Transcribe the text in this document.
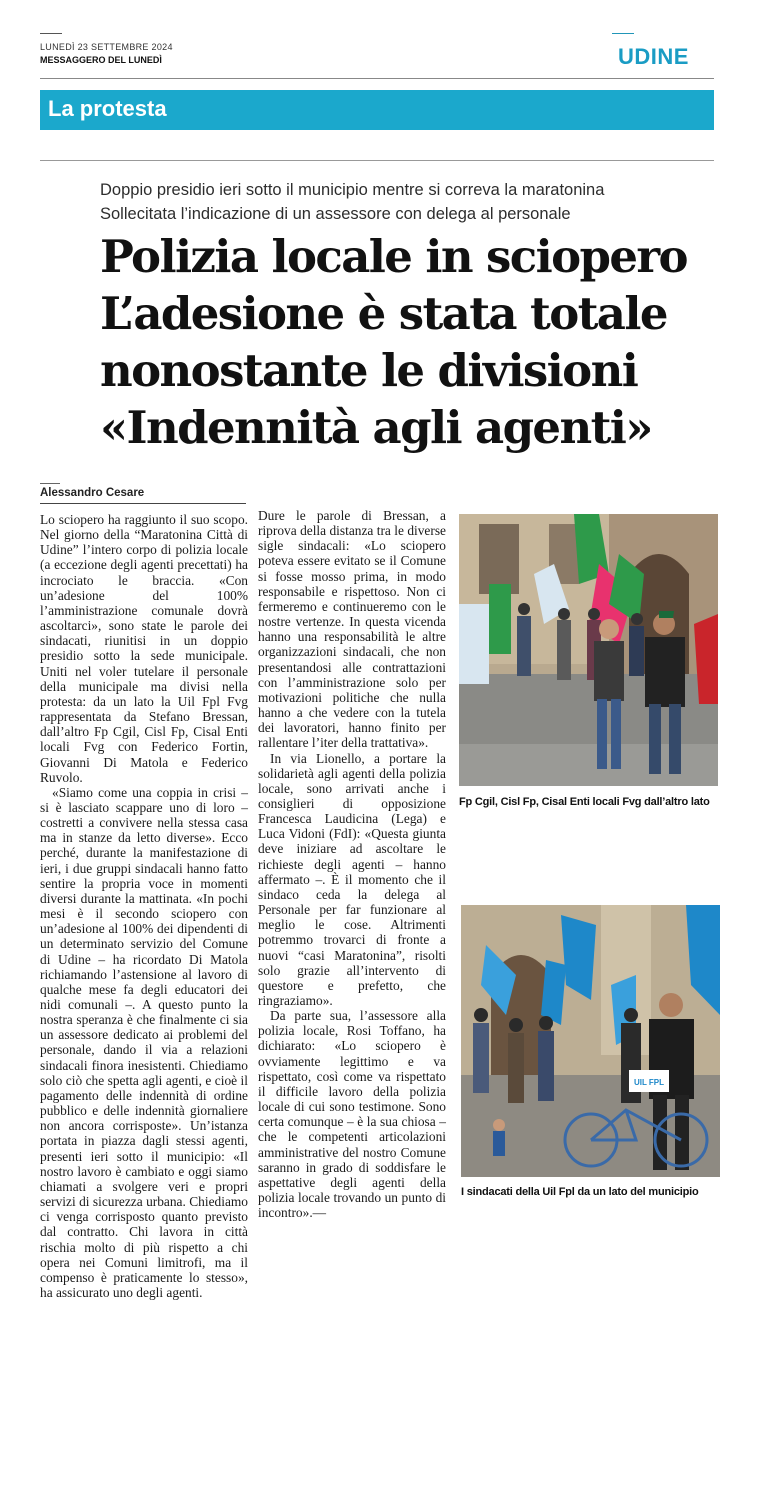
LUNEDÌ 23 SETTEMBRE 2024
MESSAGGERO DEL LUNEDÌ	UDINE
La protesta
Doppio presidio ieri sotto il municipio mentre si correva la maratonina
Sollecitata l’indicazione di un assessore con delega al personale
Polizia locale in sciopero
L’adesione è stata totale
nonostante le divisioni
«Indennità agli agenti»
Alessandro Cesare

Lo sciopero ha raggiunto il suo scopo. Nel giorno della “Maratonina Città di Udine” l’intero corpo di polizia locale (a eccezione degli agenti precettati) ha incrociato le braccia. «Con un’adesione del 100% l’amministrazione comunale dovrà ascoltarci», sono state le parole dei sindacati, riunitisi in un doppio presidio sotto la sede municipale. Uniti nel voler tutelare il personale della municipale ma divisi nella protesta: da un lato la Uil Fpl Fvg rappresentata da Stefano Bressan, dall’altro Fp Cgil, Cisl Fp, Cisal Enti locali Fvg con Federico Fortin, Giovanni Di Matola e Federico Ruvolo.

«Siamo come una coppia in crisi – si è lasciato scappare uno di loro – costretti a convivere nella stessa casa ma in stanze da letto diverse». Ecco perché, durante la manifestazione di ieri, i due gruppi sindacali hanno fatto sentire la propria voce in momenti diversi durante la mattinata. «In pochi mesi è il secondo sciopero con un’adesione al 100% dei dipendenti di un determinato servizio del Comune di Udine – ha ricordato Di Matola richiamando l’astensione al lavoro di qualche mese fa degli educatori dei nidi comunali –. A questo punto la nostra speranza è che finalmente ci sia un assessore dedicato ai problemi del personale, dando il via a relazioni sindacali finora inesistenti. Chiediamo solo ciò che spetta agli agenti, e cioè il pagamento delle indennità di ordine pubblico e delle indennità giornaliere non ancora corrisposte». Un’istanza portata in piazza dagli stessi agenti, presenti ieri sotto il municipio: «Il nostro lavoro è cambiato e oggi siamo chiamati a svolgere veri e propri servizi di sicurezza urbana. Chiediamo ci venga corrisposto quanto previsto dal contratto. Chi lavora in città rischia molto di più rispetto a chi opera nei Comuni limitrofi, ma il compenso è praticamente lo stesso», ha assicurato uno degli agenti.

Dure le parole di Bressan, a riprova della distanza tra le diverse sigle sindacali: «Lo sciopero poteva essere evitato se il Comune si fosse mosso prima, in modo responsabile e rispettoso. Non ci fermeremo e continueremo con le nostre vertenze. In questa vicenda hanno una responsabilità le altre organizzazioni sindacali, che non presentandosi alle contrattazioni con l’amministrazione solo per motivazioni politiche che nulla hanno a che vedere con la tutela dei lavoratori, hanno finito per rallentare l’iter della trattativa».

In via Lionello, a portare la solidarietà agli agenti della polizia locale, sono arrivati anche i consiglieri di opposizione Francesca Laudicina (Lega) e Luca Vidoni (FdI): «Questa giunta deve iniziare ad ascoltare le richieste degli agenti – hanno affermato –. È il momento che il sindaco ceda la delega al Personale per far funzionare al meglio le cose. Altrimenti potremmo trovarci di fronte a nuovi “casi Maratonina”, risolti solo grazie all’intervento di questore e prefetto, che ringraziamo».

Da parte sua, l’assessore alla polizia locale, Rosi Toffano, ha dichiarato: «Lo sciopero è ovviamente legittimo e va rispettato, così come va rispettato il difficile lavoro della polizia locale di cui sono testimone. Sono certa comunque – è la sua chiosa – che le competenti articolazioni amministrative del nostro Comune saranno in grado di soddisfare le aspettative degli agenti della polizia locale trovando un punto di incontro».—

Fp Cgil, Cisl Fp, Cisal Enti locali Fvg dall’altro lato
UIL FPL
I sindacati della Uil Fpl da un lato del municipio
